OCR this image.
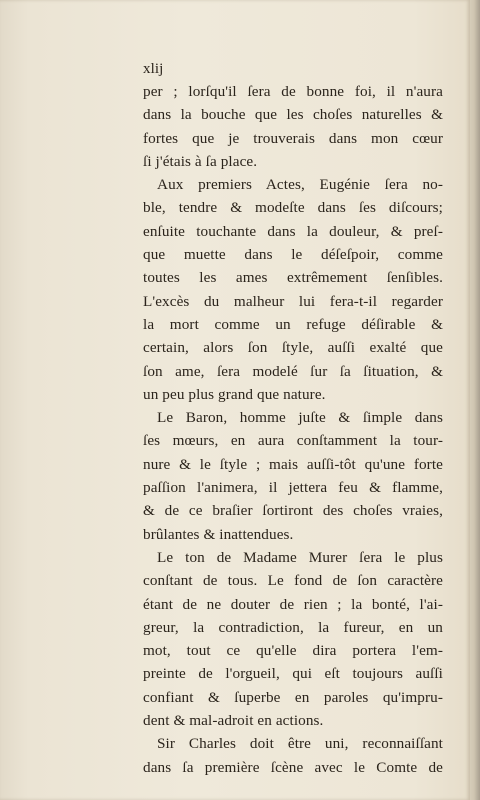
xlij
per ; lorſqu'il ſera de bonne foi, il n'aura
dans la bouche que les choſes naturelles &
fortes que je trouverais dans mon cœur
ſi j'étais à ſa place.
Aux premiers Actes, Eugénie ſera no-
ble, tendre & modeſte dans ſes diſcours;
enſuite touchante dans la douleur, & preſ-
que muette dans le déſeſpoir, comme
toutes les ames extrêmement ſenſibles.
L'excès du malheur lui fera-t-il regarder
la mort comme un refuge déſirable &
certain, alors ſon ſtyle, auſſi exalté que
ſon ame, ſera modelé ſur ſa ſituation, &
un peu plus grand que nature.
Le Baron, homme juſte & ſimple dans
ſes mœurs, en aura conſtamment la tour-
nure & le ſtyle ; mais auſſi-tôt qu'une forte
paſſion l'animera, il jettera feu & flamme,
& de ce braſier ſortiront des choſes vraies,
brûlantes & inattendues.
Le ton de Madame Murer ſera le plus
conſtant de tous. Le fond de ſon caractère
étant de ne douter de rien ; la bonté, l'ai-
greur, la contradiction, la fureur, en un
mot, tout ce qu'elle dira portera l'em-
preinte de l'orgueil, qui eſt toujours auſſi
confiant & ſuperbe en paroles qu'impru-
dent & mal-adroit en actions.
Sir Charles doit être uni, reconnaiſſant
dans ſa première ſcène avec le Comte de
